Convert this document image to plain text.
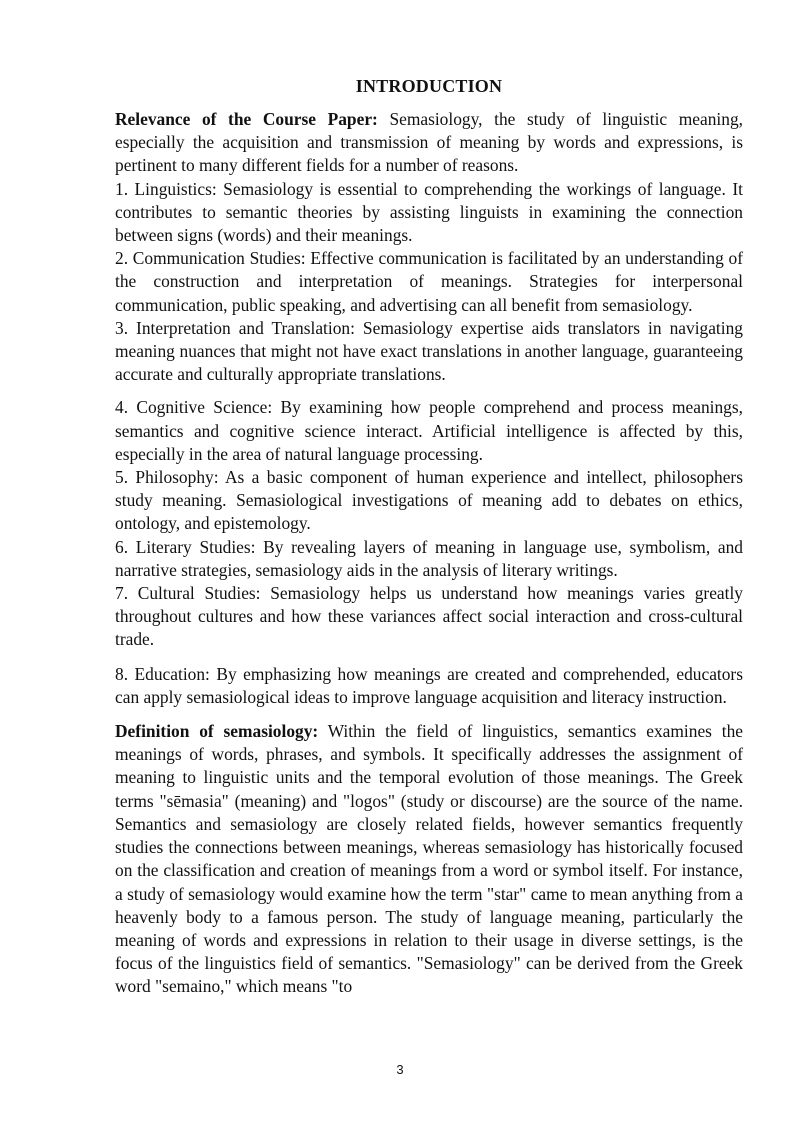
INTRODUCTION

Relevance of the Course Paper: Semasiology, the study of linguistic meaning, especially the acquisition and transmission of meaning by words and expressions, is pertinent to many different fields for a number of reasons.

1. Linguistics: Semasiology is essential to comprehending the workings of language. It contributes to semantic theories by assisting linguists in examining the connection between signs (words) and their meanings.

2. Communication Studies: Effective communication is facilitated by an understanding of the construction and interpretation of meanings. Strategies for interpersonal communication, public speaking, and advertising can all benefit from semasiology.

3. Interpretation and Translation: Semasiology expertise aids translators in navigating meaning nuances that might not have exact translations in another language, guaranteeing accurate and culturally appropriate translations.

4. Cognitive Science: By examining how people comprehend and process meanings, semantics and cognitive science interact. Artificial intelligence is affected by this, especially in the area of natural language processing.

5. Philosophy: As a basic component of human experience and intellect, philosophers study meaning. Semasiological investigations of meaning add to debates on ethics, ontology, and epistemology.

6. Literary Studies: By revealing layers of meaning in language use, symbolism, and narrative strategies, semasiology aids in the analysis of literary writings.

7. Cultural Studies: Semasiology helps us understand how meanings varies greatly throughout cultures and how these variances affect social interaction and cross-cultural trade.

8. Education: By emphasizing how meanings are created and comprehended, educators can apply semasiological ideas to improve language acquisition and literacy instruction.

Definition of semasiology: Within the field of linguistics, semantics examines the meanings of words, phrases, and symbols. It specifically addresses the assignment of meaning to linguistic units and the temporal evolution of those meanings. The Greek terms "sēmasia" (meaning) and "logos" (study or discourse) are the source of the name. Semantics and semasiology are closely related fields, however semantics frequently studies the connections between meanings, whereas semasiology has historically focused on the classification and creation of meanings from a word or symbol itself. For instance, a study of semasiology would examine how the term "star" came to mean anything from a heavenly body to a famous person. The study of language meaning, particularly the meaning of words and expressions in relation to their usage in diverse settings, is the focus of the linguistics field of semantics. "Semasiology" can be derived from the Greek word "semaino," which means "to

3
